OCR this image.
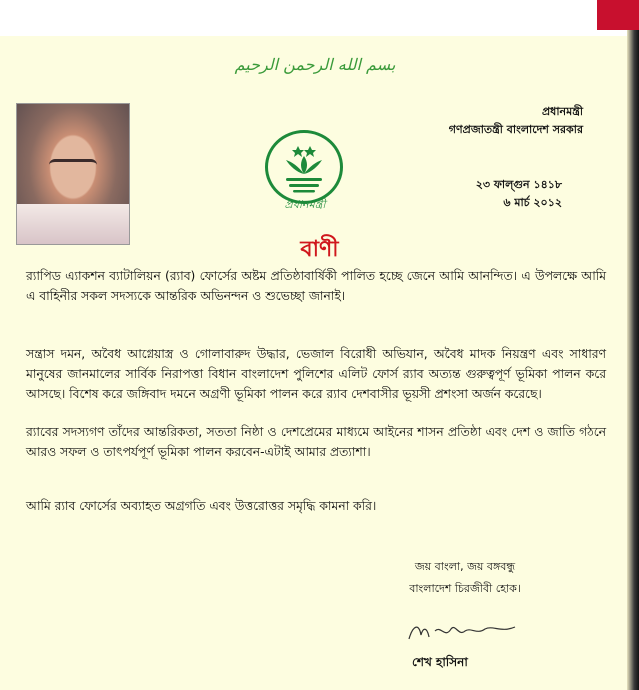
بسم الله الرحمن الرحيم
প্রধানমন্ত্রী
প্রধানমন্ত্রী
গণপ্রজাতন্ত্রী বাংলাদেশ সরকার
২৩ ফাল্গুন ১৪১৮
৬ মার্চ ২০১২
বাণী
র‍্যাপিড এ্যাকশন ব্যাটালিয়ন (র‍্যাব) ফোর্সের অষ্টম প্রতিষ্ঠাবার্ষিকী পালিত হচ্ছে জেনে আমি আনন্দিত। এ উপলক্ষে আমি এ বাহিনীর সকল সদস্যকে আন্তরিক অভিনন্দন ও শুভেচ্ছা জানাই।
সন্ত্রাস দমন, অবৈধ আগ্নেয়াস্ত্র ও গোলাবারুদ উদ্ধার, ভেজাল বিরোধী অভিযান, অবৈধ মাদক নিয়ন্ত্রণ এবং সাধারণ মানুষের জানমালের সার্বিক নিরাপত্তা বিধান বাংলাদেশ পুলিশের এলিট ফোর্স র‍্যাব অত্যন্ত গুরুত্বপূর্ণ ভূমিকা পালন করে আসছে। বিশেষ করে জঙ্গিবাদ দমনে অগ্রণী ভূমিকা পালন করে র‍্যাব দেশবাসীর ভূয়সী প্রশংসা অর্জন করেছে।
র‍্যাবের সদস্যগণ তাঁদের আন্তরিকতা, সততা নিষ্ঠা ও দেশপ্রেমের মাধ্যমে আইনের শাসন প্রতিষ্ঠা এবং দেশ ও জাতি গঠনে আরও সফল ও তাৎপর্যপূর্ণ ভূমিকা পালন করবেন-এটাই আমার প্রত্যাশা।
আমি র‍্যাব ফোর্সের অব্যাহত অগ্রগতি এবং উত্তরোত্তর সমৃদ্ধি কামনা করি।
জয় বাংলা, জয় বঙ্গবন্ধু
বাংলাদেশ চিরজীবী হোক।
শেখ হাসিনা
